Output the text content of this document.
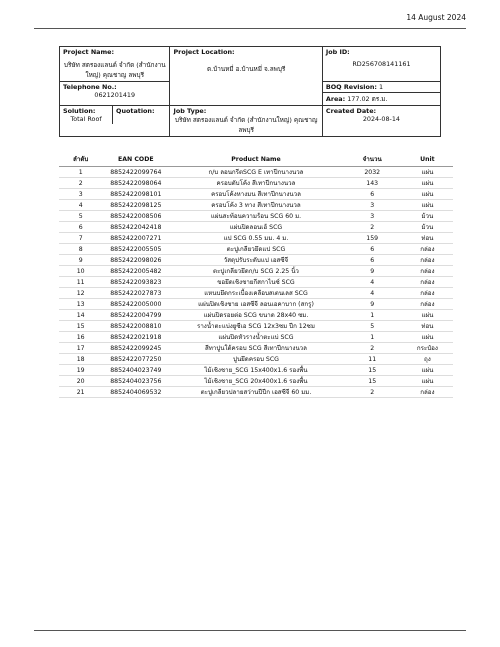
14 August 2024
Project Name:
บริษัท สตรองแลนด์ จำกัด (สำนักงานใหญ่) คุณชาญ ลพบุรี

Project Location:
ต.บ้านหมี่ อ.บ้านหมี่ จ.ลพบุรี

Job ID:
RD256708141161

Telephone No.:
0621201419

BOQ Revision: 1
Area: 177.02 ตร.ม.

Solution:
Total Roof

Quotation:
		Job Type:
บริษัท สตรองแลนด์ จำกัด (สำนักงานใหญ่) คุณชาญ ลพบุรี

Created Date:
2024-08-14
ลำดับ	EAN CODE	Product Name	จำนวน	Unit
1	8852422099764	ก/บ ลอนกรีตSCG E เทาปีกนางนวล	2032	แผ่น
2	8852422098064	ครอบตับโค้ง สีเทาปีกนางนวล	143	แผ่น
3	8852422098101	ครอบโค้งหางมน สีเทาปีกนางนวล	6	แผ่น
4	8852422098125	ครอบโค้ง 3 ทาง สีเทาปีกนางนวล	3	แผ่น
5	8852422008506	แผ่นสะท้อนความร้อน SCG 60 ม.	3	ม้วน
6	8852422042418	แผ่นปิดลอนเฮ้ SCG	2	ม้วน
7	8852422007271	แป SCG 0.55 มม. 4 ม.	159	ท่อน
8	8852422005505	ตะปูเกลียวยึดแป SCG	6	กล่อง
9	8852422098026	วัสดุปรับระดับแป เอสซีจี	6	กล่อง
10	8852422005482	ตะปูเกลียวยึดก/บ SCG 2.25 นิ้ว	9	กล่อง
11	8852422093823	ขอยึดเชิงชายกีสกาไนซ์ SCG	4	กล่อง
12	8852422027873	แหนบยึดกระเบื้องเคลือบสเตนเลส SCG	4	กล่อง
13	8852422005000	แผ่นปิดเชิงชาย เอสซีจี ลอนเอคาบาก (สกรู)	9	กล่อง
14	8852422004799	แผ่นปิดรอยต่อ SCG ขนาด 28x40 ซม.	1	แผ่น
15	8852422008810	รางน้ำตะแบ่งยูซีเอ SCG 12x3ซม ปีก 12ซม	5	ท่อน
16	8852422021918	แผ่นปิดหัวรางน้ำตะแบ่ SCG	1	แผ่น
17	8852422099245	สีทาปูนใต้ครอบ SCG สีเทาปีกนางนวล	2	กระป๋อง
18	8852422077250	ปูนยึดครอบ SCG	11	ถุง
19	8852404023749	ไม้เชิงชาย_SCG 15x400x1.6 รองพื้น	15	แผ่น
20	8852404023756	ไม้เชิงชาย_SCG 20x400x1.6 รองพื้น	15	แผ่น
21	8852404069532	ตะปูเกลียวปลายสว่านปีปีก เอสซีจี 60 มม.	2	กล่อง
